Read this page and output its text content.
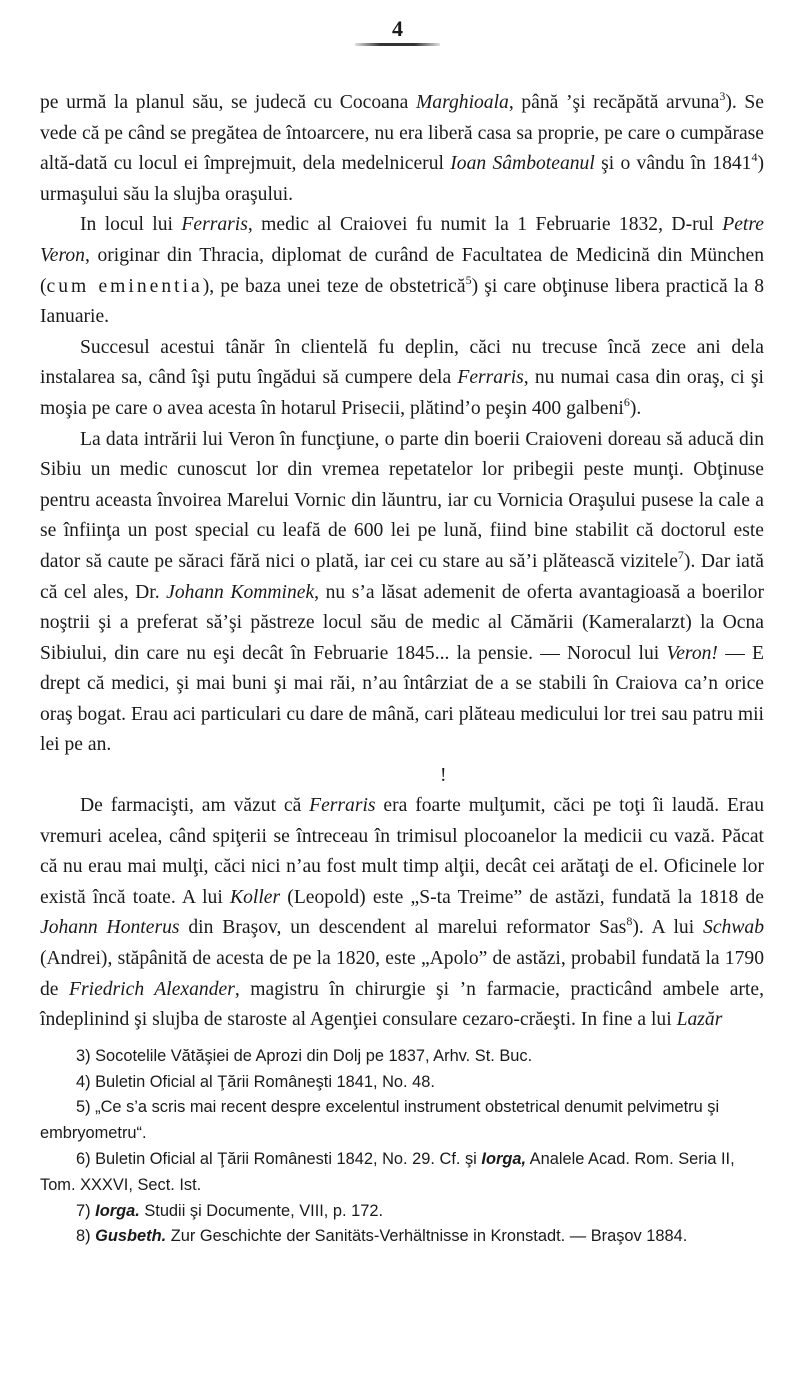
4

pe urmă la planul său, se judecă cu Cocoana Marghioala, până ’şi recăpătă arvuna$^3$). Se vede că pe când se pregătea de întoarcere, nu era liberă casa sa proprie, pe care o cumpărase altă-dată cu locul ei împrejmuit, dela medelnicerul Ioan Sâmboteanul şi o vându în 1841$^4$) urmaşului său la slujba oraşului.

In locul lui Ferraris, medic al Craiovei fu numit la 1 Februarie 1832, D-rul Petre Veron, originar din Thracia, diplomat de curând de Facultatea de Medicină din München (cum eminentia), pe baza unei teze de obstetrică$^5$) şi care obţinuse libera practică la 8 Ianuarie.

Succesul acestui tânăr în clientelă fu deplin, căci nu trecuse încă zece ani dela instalarea sa, când îşi putu îngădui să cumpere dela Ferraris, nu numai casa din oraş, ci şi moşia pe care o avea acesta în hotarul Prisecii, plătind’o peşin 400 galbeni$^6$).

La data intrării lui Veron în funcţiune, o parte din boerii Craioveni doreau să aducă din Sibiu un medic cunoscut lor din vremea repetatelor lor pribegii peste munţi. Obţinuse pentru aceasta învoirea Marelui Vornic din lăuntru, iar cu Vornicia Oraşului pusese la cale a se înfiinţa un post special cu leafă de 600 lei pe lună, fiind bine stabilit că doctorul este dator să caute pe săraci fără nici o plată, iar cei cu stare au să’i plătească vizitele$^7$). Dar iată că cel ales, Dr. Johann Komminek, nu s’a lăsat ademenit de oferta avantagioasă a boerilor noştrii şi a preferat să’şi păstreze locul său de medic al Cămării (Kameralarzt) la Ocna Sibiului, din care nu eşi decât în Februarie 1845... la pensie. — Norocul lui Veron! — E drept că medici, şi mai buni şi mai răi, n’au întârziat de a se stabili în Craiova ca’n orice oraş bogat. Erau aci particulari cu dare de mână, cari plăteau medicului lor trei sau patru mii lei pe an.

!

De farmacişti, am văzut că Ferraris era foarte mulţumit, căci pe toţi îi laudă. Erau vremuri acelea, când spiţerii se întreceau în trimisul plocoanelor la medicii cu vază. Păcat că nu erau mai mulţi, căci nici n’au fost mult timp alţii, decât cei arătaţi de el. Oficinele lor există încă toate. A lui Koller (Leopold) este „S-ta Treime” de astăzi, fundată la 1818 de Johann Honterus din Braşov, un descendent al marelui reformator Sas$^8$). A lui Schwab (Andrei), stăpânită de acesta de pe la 1820, este „Apolo” de astăzi, probabil fundată la 1790 de Friedrich Alexander, magistru în chirurgie şi ’n farmacie, practicând ambele arte, îndeplinind şi slujba de staroste al Agenţiei consulare cezaro-crăeşti. In fine a lui Lazăr

3) Socotelile Vătăşiei de Aprozi din Dolj pe 1837, Arhv. St. Buc.

4) Buletin Oficial al Ţării Româneşti 1841, No. 48.

5) „Ce s’a scris mai recent despre excelentul instrument obstetrical denumit pelvimetru şi embryometru“.

6) Buletin Oficial al Ţării Românesti 1842, No. 29. Cf. şi Iorga, Analele Acad. Rom. Seria II, Tom. XXXVI, Sect. Ist.

7) Iorga. Studii şi Documente, VIII, p. 172.

8) Gusbeth. Zur Geschichte der Sanitäts-Verhältnisse in Kronstadt. — Braşov 1884.
